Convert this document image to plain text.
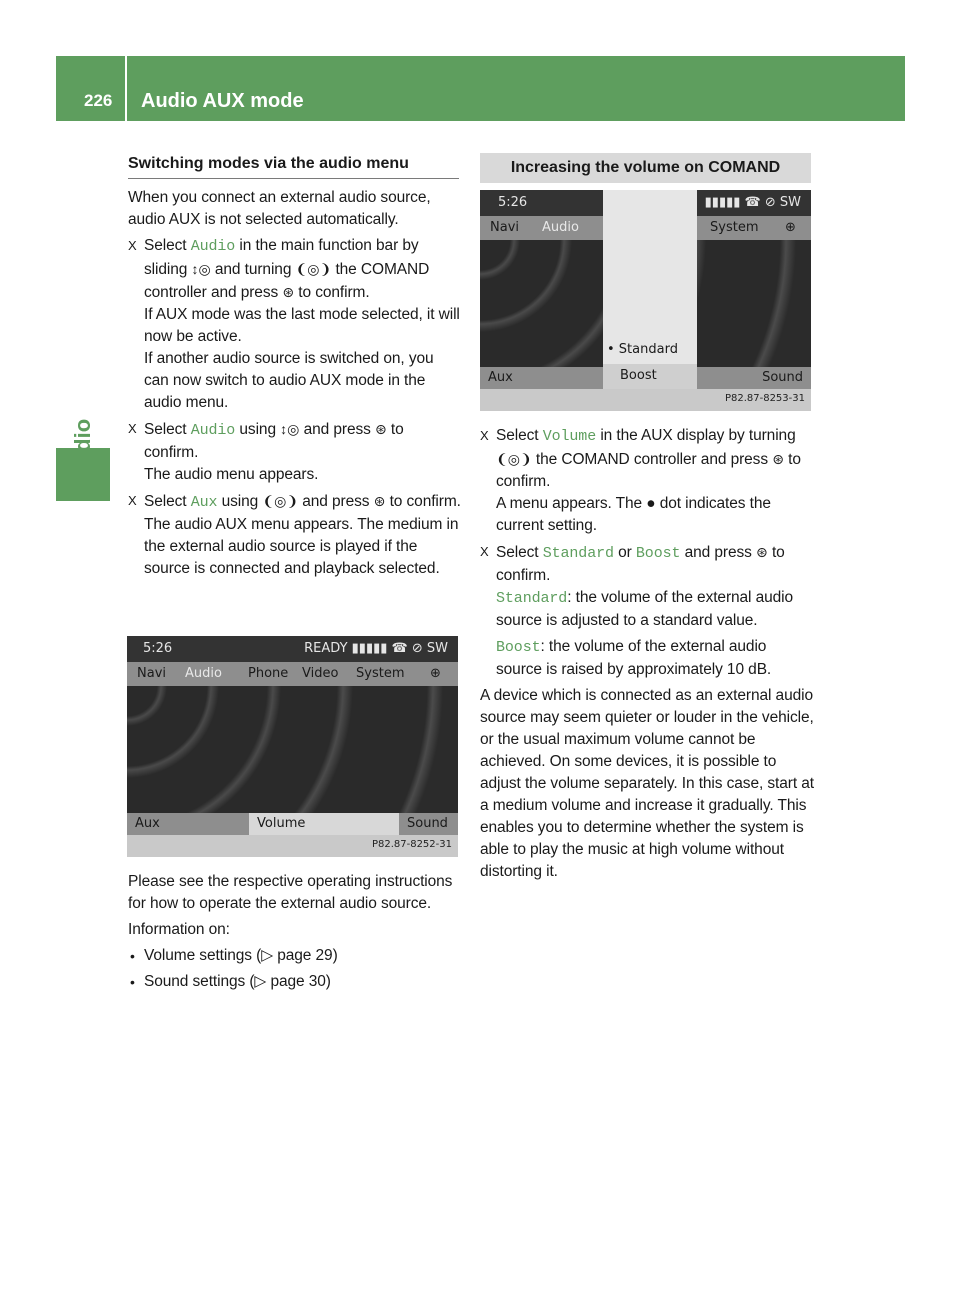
226 Audio AUX mode
Switching modes via the audio menu

When you connect an external audio source, audio AUX is not selected automatically.

X Select Audio in the main function bar by sliding ↕◎ and turning ❨◎❩ the COMAND controller and press ⊛ to confirm.
If AUX mode was the last mode selected, it will now be active.
If another audio source is switched on, you can now switch to audio AUX mode in the audio menu.
X Select Audio using ↕◎ and press ⊛ to confirm.
The audio menu appears.
X Select Aux using ❨◎❩ and press ⊛ to confirm.
The audio AUX menu appears. The medium in the external audio source is played if the source is connected and playback selected.
5:26	READY ▮▮▮▮▮ ☎ ⊘ SW
Navi Audio Phone Video System ⊕
Aux	Volume	Sound
P82.87-8252-31

Please see the respective operating instructions for how to operate the external audio source.

Information on:

• Volume settings (▷ page 29)
• Sound settings (▷ page 30)
Increasing the volume on COMAND
5:26	▮▮▮▮▮ ☎ ⊘ SW
Navi Audio	System ⊕
Aux	Sound
• Standard
Boost
P82.87-8253-31
X Select Volume in the AUX display by turning ❨◎❩ the COMAND controller and press ⊛ to confirm.
A menu appears. The ● dot indicates the current setting.
X Select Standard or Boost and press ⊛ to confirm.
Standard: the volume of the external audio source is adjusted to a standard value.
Boost: the volume of the external audio source is raised by approximately 10 dB.

A device which is connected as an external audio source may seem quieter or louder in the vehicle, or the usual maximum volume cannot be achieved. On some devices, it is possible to adjust the volume separately. In this case, start at a medium volume and increase it gradually. This enables you to determine whether the system is able to play the music at high volume without distorting it.
